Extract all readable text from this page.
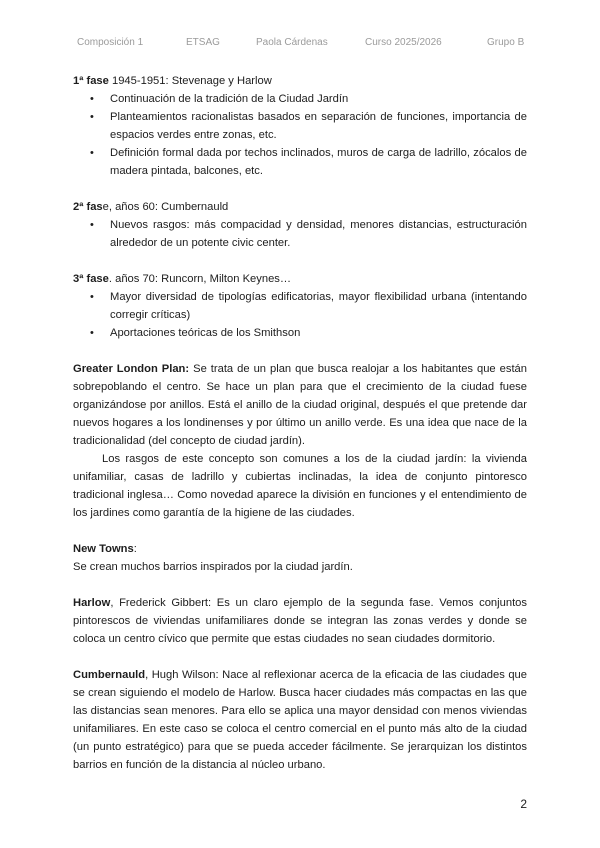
Composición 1	ETSAG	Paola Cárdenas	Curso 2025/2026	Grupo B

1ª fase 1945-1951: Stevenage y Harlow

• Continuación de la tradición de la Ciudad Jardín
• Planteamientos racionalistas basados en separación de funciones, importancia de espacios verdes entre zonas, etc.
• Definición formal dada por techos inclinados, muros de carga de ladrillo, zócalos de madera pintada, balcones, etc.

2ª fase, años 60: Cumbernauld

• Nuevos rasgos: más compacidad y densidad, menores distancias, estructuración alrededor de un potente civic center.

3ª fase. años 70: Runcorn, Milton Keynes…

• Mayor diversidad de tipologías edificatorias, mayor flexibilidad urbana (intentando corregir críticas)
• Aportaciones teóricas de los Smithson

Greater London Plan: Se trata de un plan que busca realojar a los habitantes que están sobrepoblando el centro. Se hace un plan para que el crecimiento de la ciudad fuese organizándose por anillos. Está el anillo de la ciudad original, después el que pretende dar nuevos hogares a los londinenses y por último un anillo verde. Es una idea que nace de la tradicionalidad (del concepto de ciudad jardín).

Los rasgos de este concepto son comunes a los de la ciudad jardín: la vivienda unifamiliar, casas de ladrillo y cubiertas inclinadas, la idea de conjunto pintoresco tradicional inglesa… Como novedad aparece la división en funciones y el entendimiento de los jardines como garantía de la higiene de las ciudades.

New Towns:

Se crean muchos barrios inspirados por la ciudad jardín.

Harlow, Frederick Gibbert: Es un claro ejemplo de la segunda fase. Vemos conjuntos pintorescos de viviendas unifamiliares donde se integran las zonas verdes y donde se coloca un centro cívico que permite que estas ciudades no sean ciudades dormitorio.

Cumbernauld, Hugh Wilson: Nace al reflexionar acerca de la eficacia de las ciudades que se crean siguiendo el modelo de Harlow. Busca hacer ciudades más compactas en las que las distancias sean menores. Para ello se aplica una mayor densidad con menos viviendas unifamiliares. En este caso se coloca el centro comercial en el punto más alto de la ciudad (un punto estratégico) para que se pueda acceder fácilmente. Se jerarquizan los distintos barrios en función de la distancia al núcleo urbano.

2
